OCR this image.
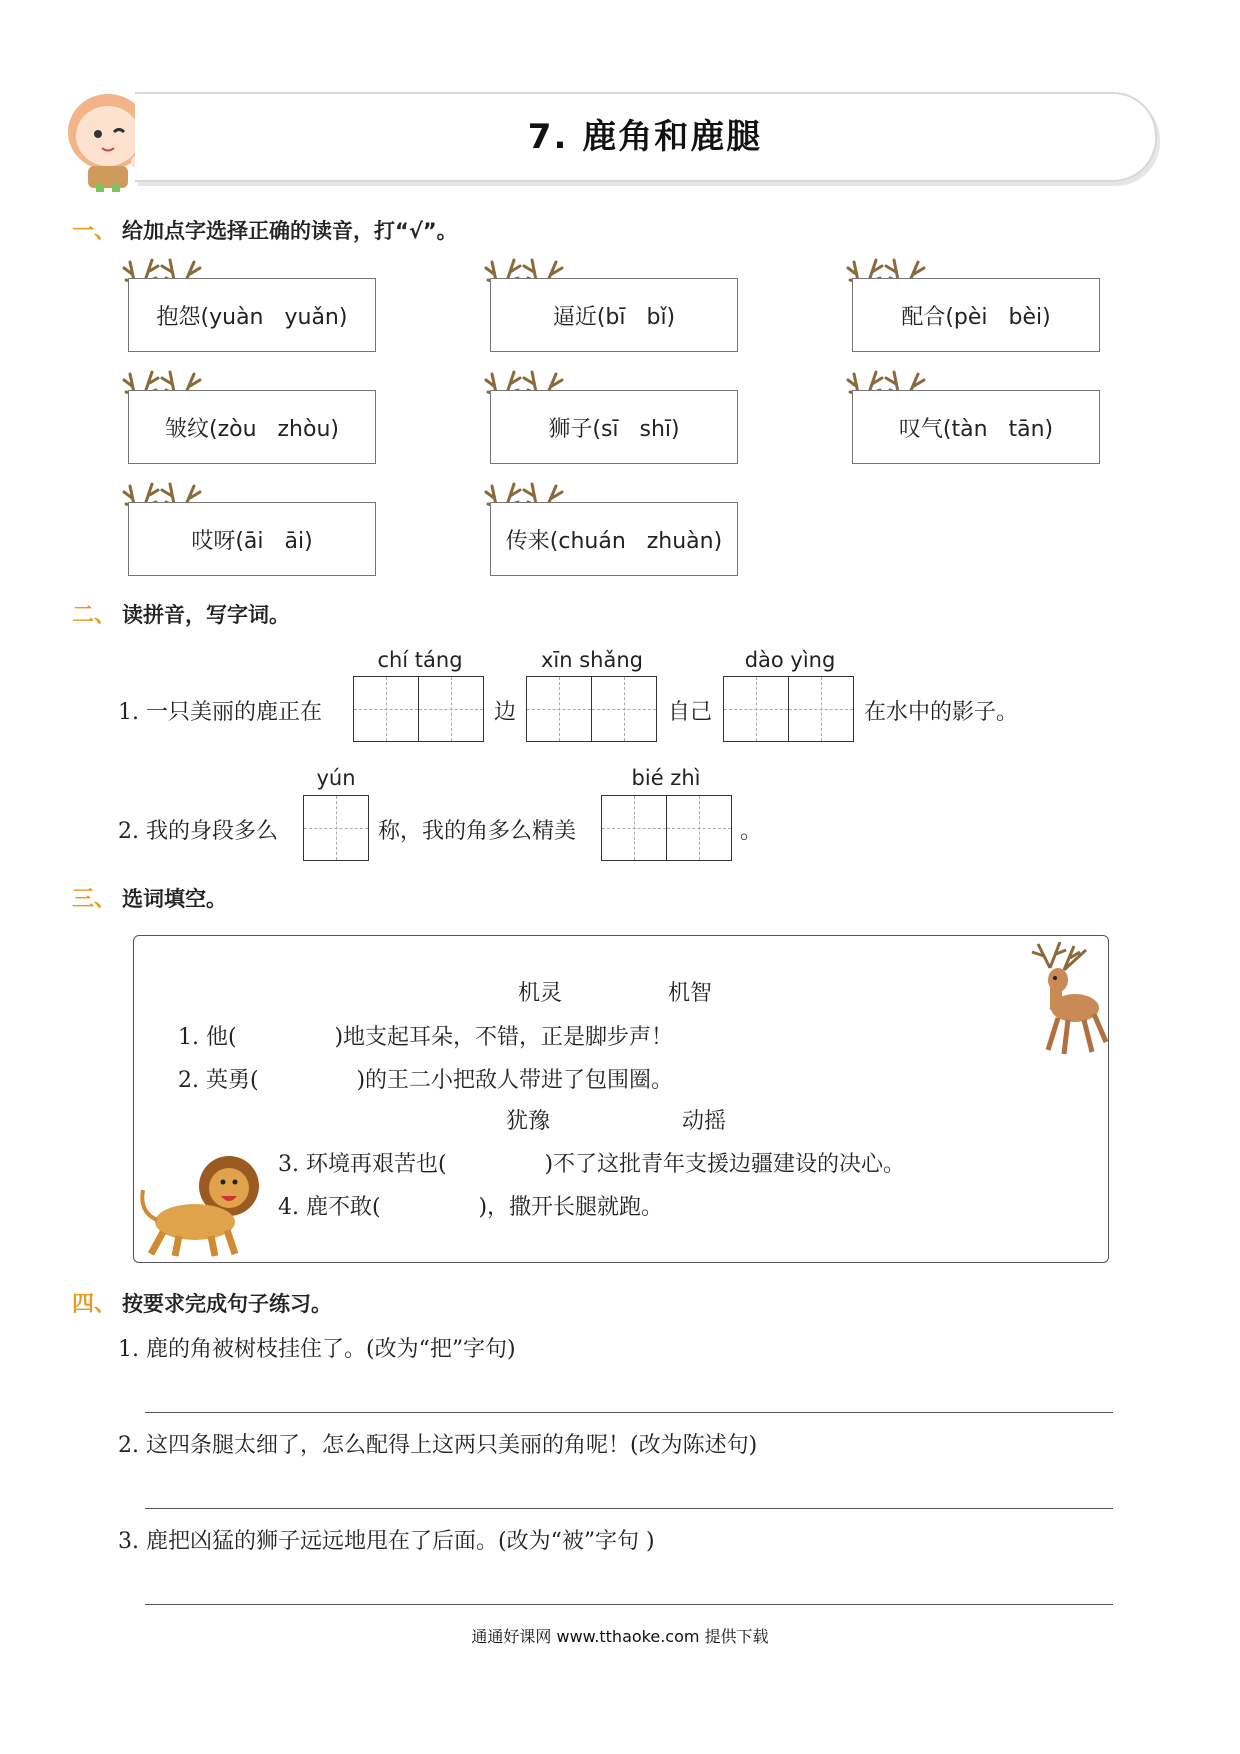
7. 鹿角和鹿腿
一、 给加点字选择正确的读音，打“√”。
抱怨(yuàn   yuǎn)	逼近(bī   bǐ)	配合(pèi   bèi)
皱纹(zòu   zhòu)	狮子(sī   shī)	叹气(tàn   tān)
哎呀(āi   āi)	传来(chuán   zhuàn)
二、 读拼音，写字词。
chí táng	xīn shǎng	dào yìng
1. 一只美丽的鹿正在	边	自己	在水中的影子。
yún	bié zhì
2. 我的身段多么	称，我的角多么精美	。
三、 选词填空。
机灵	机智
1. 他(              )地支起耳朵，不错，正是脚步声！
2. 英勇(              )的王二小把敌人带进了包围圈。
犹豫	动摇
3. 环境再艰苦也(              )不了这批青年支援边疆建设的决心。
4. 鹿不敢(              )，撒开长腿就跑。
四、 按要求完成句子练习。
1. 鹿的角被树枝挂住了。(改为“把”字句)
2. 这四条腿太细了，怎么配得上这两只美丽的角呢！(改为陈述句)
3. 鹿把凶猛的狮子远远地甩在了后面。(改为“被”字句 )
通通好课网 www.tthaoke.com 提供下载
